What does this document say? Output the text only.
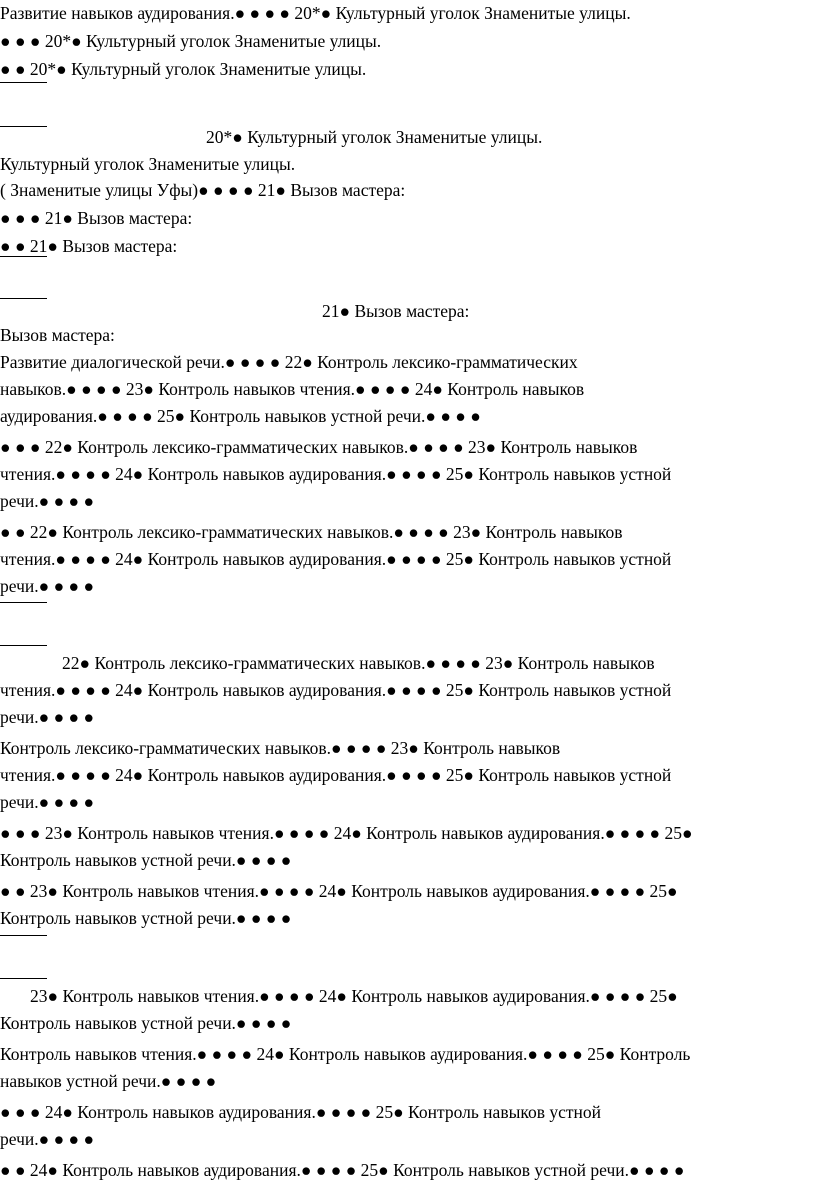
Развитие навыков аудирования.● ● ● ● 20*● Культурный уголок Знаменитые улицы.
● ● ● 20*● Культурный уголок Знаменитые улицы.
● ● 20*● Культурный уголок Знаменитые улицы.
20*● Культурный уголок Знаменитые улицы.
Культурный уголок Знаменитые улицы.
( Знаменитые улицы Уфы)● ● ● ● 21● Вызов мастера:
● ● ● 21● Вызов мастера:
● ● 21● Вызов мастера:
21● Вызов мастера:
Вызов мастера:
Развитие диалогической речи.● ● ● ● 22● Контроль лексико-грамматических
навыков.● ● ● ● 23● Контроль навыков чтения.● ● ● ● 24● Контроль навыков
аудирования.● ● ● ● 25● Контроль навыков устной речи.● ● ● ●
● ● ● 22● Контроль лексико-грамматических навыков.● ● ● ● 23● Контроль навыков
чтения.● ● ● ● 24● Контроль навыков аудирования.● ● ● ● 25● Контроль навыков устной
речи.● ● ● ●
● ● 22● Контроль лексико-грамматических навыков.● ● ● ● 23● Контроль навыков
чтения.● ● ● ● 24● Контроль навыков аудирования.● ● ● ● 25● Контроль навыков устной
речи.● ● ● ●
22● Контроль лексико-грамматических навыков.● ● ● ● 23● Контроль навыков
чтения.● ● ● ● 24● Контроль навыков аудирования.● ● ● ● 25● Контроль навыков устной
речи.● ● ● ●
Контроль лексико-грамматических навыков.● ● ● ● 23● Контроль навыков
чтения.● ● ● ● 24● Контроль навыков аудирования.● ● ● ● 25● Контроль навыков устной
речи.● ● ● ●
● ● ● 23● Контроль навыков чтения.● ● ● ● 24● Контроль навыков аудирования.● ● ● ● 25●
Контроль навыков устной речи.● ● ● ●
● ● 23● Контроль навыков чтения.● ● ● ● 24● Контроль навыков аудирования.● ● ● ● 25●
Контроль навыков устной речи.● ● ● ●
23● Контроль навыков чтения.● ● ● ● 24● Контроль навыков аудирования.● ● ● ● 25●
Контроль навыков устной речи.● ● ● ●
Контроль навыков чтения.● ● ● ● 24● Контроль навыков аудирования.● ● ● ● 25● Контроль
навыков устной речи.● ● ● ●
● ● ● 24● Контроль навыков аудирования.● ● ● ● 25● Контроль навыков устной
речи.● ● ● ●
● ● 24● Контроль навыков аудирования.● ● ● ● 25● Контроль навыков устной речи.● ● ● ●
